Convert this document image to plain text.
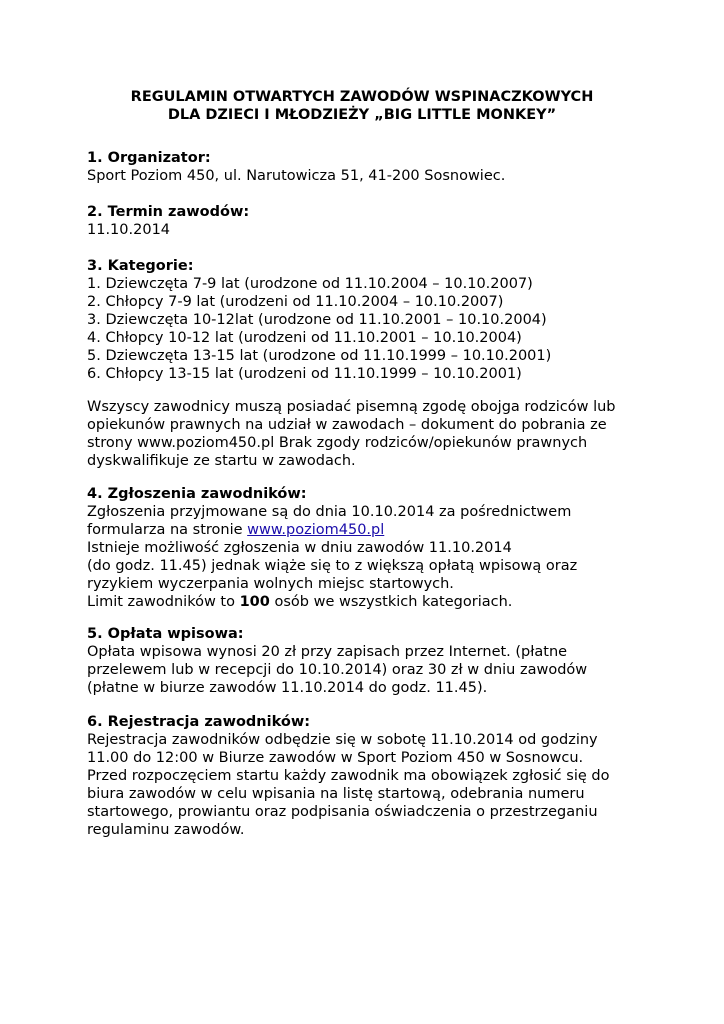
REGULAMIN OTWARTYCH ZAWODÓW WSPINACZKOWYCH
DLA DZIECI I MŁODZIEŻY „BIG LITTLE MONKEY”
1. Organizator:
Sport Poziom 450, ul. Narutowicza 51, 41-200 Sosnowiec.
2. Termin zawodów:
11.10.2014
3. Kategorie:
1. Dziewczęta 7-9 lat (urodzone od 11.10.2004 – 10.10.2007)
2. Chłopcy 7-9 lat (urodzeni od 11.10.2004 – 10.10.2007)
3. Dziewczęta 10-12lat (urodzone od 11.10.2001 – 10.10.2004)
4. Chłopcy 10-12 lat (urodzeni od 11.10.2001 – 10.10.2004)
5. Dziewczęta 13-15 lat (urodzone od 11.10.1999 – 10.10.2001)
6. Chłopcy 13-15 lat (urodzeni od 11.10.1999 – 10.10.2001)
Wszyscy zawodnicy muszą posiadać pisemną zgodę obojga rodziców lub
opiekunów prawnych na udział w zawodach – dokument do pobrania ze
strony www.poziom450.pl Brak zgody rodziców/opiekunów prawnych
dyskwalifikuje ze startu w zawodach.
4. Zgłoszenia zawodników:
Zgłoszenia przyjmowane są do dnia 10.10.2014 za pośrednictwem
formularza na stronie www.poziom450.pl
Istnieje możliwość zgłoszenia w dniu zawodów 11.10.2014
(do godz. 11.45) jednak wiąże się to z większą opłatą wpisową oraz
ryzykiem wyczerpania wolnych miejsc startowych.
Limit zawodników to 100 osób we wszystkich kategoriach.
5. Opłata wpisowa:
Opłata wpisowa wynosi 20 zł przy zapisach przez Internet. (płatne
przelewem lub w recepcji do 10.10.2014) oraz 30 zł w dniu zawodów
(płatne w biurze zawodów 11.10.2014 do godz. 11.45).
6. Rejestracja zawodników:
Rejestracja zawodników odbędzie się w sobotę 11.10.2014 od godziny
11.00 do 12:00 w Biurze zawodów w Sport Poziom 450 w Sosnowcu.
Przed rozpoczęciem startu każdy zawodnik ma obowiązek zgłosić się do
biura zawodów w celu wpisania na listę startową, odebrania numeru
startowego, prowiantu oraz podpisania oświadczenia o przestrzeganiu
regulaminu zawodów.
